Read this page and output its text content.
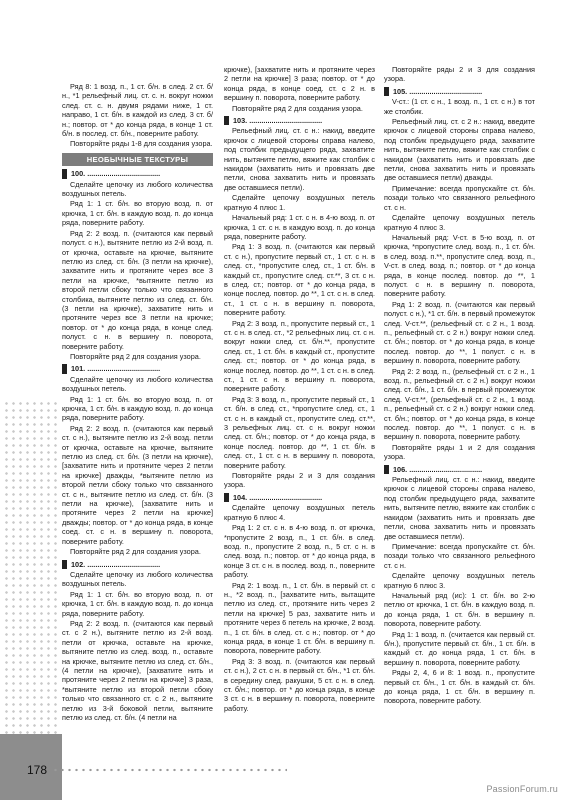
178
PassionForum.ru

Ряд 8: 1 возд. п., 1 ст. б/н. в след. 2 ст. б/н., *1 рельефный лиц. ст. с. н. вокруг ножки след. ст. с. н. двумя рядами ниже, 1 ст. направо, 1 ст. б/н. в каждой из след. 3 ст. б/н.; повтор. от * до конца ряда, в конце 1 ст. б/н. в послед. ст. б/н., поверните работу.

Повторяйте ряды 1-8 для создания узора.

НЕОБЫЧНЫЕ ТЕКСТУРЫ
100. ....................................

Сделайте цепочку из любого количества воздушных петель.

Ряд 1: 1 ст. б/н. во вторую возд. п. от крючка, 1 ст. б/н. в каждую возд. п. до конца ряда, поверните работу.

Ряд 2: 2 возд. п. (считаются как первый полуст. с н.), вытяните петлю из 2-й возд. п. от крючка, оставьте на крючке, вытяните петлю из след. ст. б/н. (3 петли на крючке), захватите нить и протяните через все 3 петли на крючке, *вытяните петлю из второй петли сбоку только что связанного столбика, вытяните петлю из след. ст. б/н. (3 петли на крючке), захватите нить и протяните через все 3 петли на крючке; повтор. от * до конца ряда, в конце след. полуст. с н. в вершину п. поворота, поверните работу.

Повторяйте ряд 2 для создания узора.

101. ....................................

Сделайте цепочку из любого количества воздушных петель.

Ряд 1: 1 ст. б/н. во вторую возд. п. от крючка, 1 ст. б/н. в каждую возд. п. до конца ряда, поверните работу.

Ряд 2: 2 возд. п. (считаются как первый ст. с н.), вытяните петлю из 2-й возд. петли от крючка, оставьте на крючке, вытяните петлю из след. ст. б/н. (3 петли на крючке), [захватите нить и протяните через 2 петли на крючке] дважды, *вытяните петлю из второй петли сбоку только что связанного ст. с н., вытяните петлю из след. ст. б/н. (3 петли на крючке), [захватите нить и протяните через 2 петли на крючке] дважды; повтор. от * до конца ряда, в конце соед. ст. с н. в вершину п. поворота, поверните работу.

Повторяйте ряд 2 для создания узора.

102. ....................................

Сделайте цепочку из любого количества воздушных петель.

Ряд 1: 1 ст. б/н. во вторую возд. п. от крючка, 1 ст. б/н. в каждую возд. п. до конца ряда, поверните работу.

Ряд 2: 2 возд. п. (считаются как первый ст. с 2 н.), вытяните петлю из 2-й возд. петли от крючка, оставьте на крючке, вытяните петлю из след. возд. п., оставьте на крючке, вытяните петлю из след. ст. б/н., (4 петли на крючке), [захватите нить и протяните через 2 петли на крючке] 3 раза, *вытяните петлю из второй петли сбоку только что связанного ст. с 2 н., вытяните петлю из 3-й боковой петли, вытяните петлю из след. ст. б/н. (4 петли на

крючке), [захватите нить и протяните через 2 петли на крючке] 3 раза; повтор. от * до конца ряда, в конце соед. ст. с 2 н. в вершину п. поворота, поверните работу.

Повторяйте ряд 2 для создания узора.

103. ....................................

Рельефный лиц. ст. с н.: накид, введите крючок с лицевой стороны справа налево, под столбик предыдущего ряда, захватите нить, вытяните петлю, вяжите как столбик с накидом (захватить нить и провязать две петли, снова захватить нить и провязать две оставшиеся петли).

Сделайте цепочку воздушных петель кратную 4 плюс 1.

Начальный ряд: 1 ст. с н. в 4-ю возд. п. от крючка, 1 ст. с н. в каждую возд. п. до конца ряда, поверните работу.

Ряд 1: 3 возд. п. (считаются как первый ст. с н.), пропустите первый ст., 1 ст. с н. в след. ст., *пропустите след. ст., 1 ст. б/н. в каждый ст., пропустите след. ст.**, 3 ст. с н. в след. ст.; повтор. от * до конца ряда, в конце послед. повтор. до **, 1 ст. с н. в след. ст., 1 ст. с н. в вершину п. поворота, поверните работу.

Ряд 2: 3 возд. п., пропустите первый ст., 1 ст. с н. в след. ст., *2 рельефных лиц. ст. с н. вокруг ножки след. ст. б/н.**, пропустите след. ст., 1 ст. б/н. в каждый ст., пропустите след. ст.; повтор. от * до конца ряда, в конце послед. повтор. до **, 1 ст. с н. в след. ст., 1 ст. с н. в вершину п. поворота, поверните работу.

Ряд 3: 3 возд. п., пропустите первый ст., 1 ст. б/н. в след. ст., *пропустите след. ст., 1 ст. с н. в каждый ст., пропустите след. ст.**, 3 рельефных лиц. ст. с н. вокруг ножки след. ст. б/н.; повтор. от * до конца ряда, в конце послед. повтор. до **, 1 ст. б/н. в след. ст., 1 ст. с н. в вершину п. поворота, поверните работу.

Повторяйте ряды 2 и 3 для создания узора.

104. ....................................

Сделайте цепочку воздушных петель кратную 6 плюс 4.

Ряд 1: 2 ст. с н. в 4-ю возд. п. от крючка, *пропустите 2 возд. п., 1 ст. б/н. в след. возд. п., пропустите 2 возд. п., 5 ст. с н. в след. возд. п.; повтор. от * до конца ряда, в конце 3 ст. с н. в послед. возд. п., поверните работу.

Ряд 2: 1 возд. п., 1 ст. б/н. в первый ст. с н., *2 возд. п., [захватите нить, вытащите петлю из след. ст., протяните нить через 2 петли на крючке] 5 раз, захватите нить и протяните через 6 петель на крючке, 2 возд. п., 1 ст. б/н. в след. ст. с н.; повтор. от * до конца ряда, в конце 1 ст. б/н. в вершину п. поворота, поверните работу.

Ряд 3: 3 возд. п. (считаются как первый ст. с н.), 2 ст. с н. в первый ст. б/н., *1 ст. б/н. в середину след. ракушки, 5 ст. с н. в след. ст. б/н.; повтор. от * до конца ряда, в конце 3 ст. с н. в вершину п. поворота, поверните работу.

Повторяйте ряды 2 и 3 для создания узора.

105. ....................................

V-ст.: (1 ст. с н., 1 возд. п., 1 ст. с н.) в тот же столбик.

Рельефный лиц. ст. с 2 н.: накид, введите крючок с лицевой стороны справа налево, под столбик предыдущего ряда, захватите нить, вытяните петлю, вяжите как столбик с накидом (захватить нить и провязать две петли, снова захватить нить и провязать две оставшиеся петли) дважды.

Примечание: всегда пропускайте ст. б/н. позади только что связанного рельефного ст. с н.

Сделайте цепочку воздушных петель кратную 4 плюс 3.

Начальный ряд: V-ст. в 5-ю возд. п. от крючка, *пропустите след. возд. п., 1 ст. б/н. в след. возд. п.**, пропустите след. возд. п., V-ст. в след. возд. п.; повтор. от * до конца ряда, в конце послед. повтор. до **, 1 полуст. с н. в вершину п. поворота, поверните работу.

Ряд 1: 2 возд. п. (считаются как первый полуст. с н.), *1 ст. б/н. в первый промежуток след. V-ст.**, (рельефный ст. с 2 н., 1 возд. п., рельефный ст. с 2 н.) вокруг ножки след. ст. б/н.; повтор. от * до конца ряда, в конце послед. повтор. до **, 1 полуст. с н. в вершину п. поворота, поверните работу.

Ряд 2: 2 возд. п., (рельефный ст. с 2 н., 1 возд. п., рельефный ст. с 2 н.) вокруг ножки след. ст. б/н., 1 ст. б/н. в первый промежуток след. V-ст.**, (рельефный ст. с 2 н., 1 возд. п., рельефный ст. с 2 н.) вокруг ножки след. ст. б/н.; повтор. от * до конца ряда, в конце послед. повтор. до **, 1 полуст. с н. в вершину п. поворота, поверните работу.

Повторяйте ряды 1 и 2 для создания узора.

106. ....................................

Рельефный лиц. ст. с н.: накид, введите крючок с лицевой стороны справа налево, под столбик предыдущего ряда, захватите нить, вытяните петлю, вяжите как столбик с накидом (захватить нить и провязать две петли, снова захватить нить и провязать две оставшиеся петли).

Примечание: всегда пропускайте ст. б/н. позади только что связанного рельефного ст. с н.

Сделайте цепочку воздушных петель кратную 6 плюс 3.

Начальный ряд (ис): 1 ст. б/н. во 2-ю петлю от крючка, 1 ст. б/н. в каждую возд. п. до конца ряда, 1 ст. б/н. в вершину п. поворота, поверните работу.

Ряд 1: 1 возд. п. (считается как первый ст. б/н.), пропустите первый ст. б/н., 1 ст. б/н. в каждый ст. до конца ряда, 1 ст. б/н. в вершину п. поворота, поверните работу.

Ряды 2, 4, 6 и 8: 1 возд. п., пропустите первый ст. б/н., 1 ст. б/н. в каждый ст. б/н. до конца ряда, 1 ст. б/н. в вершину п. поворота, поверните работу.
